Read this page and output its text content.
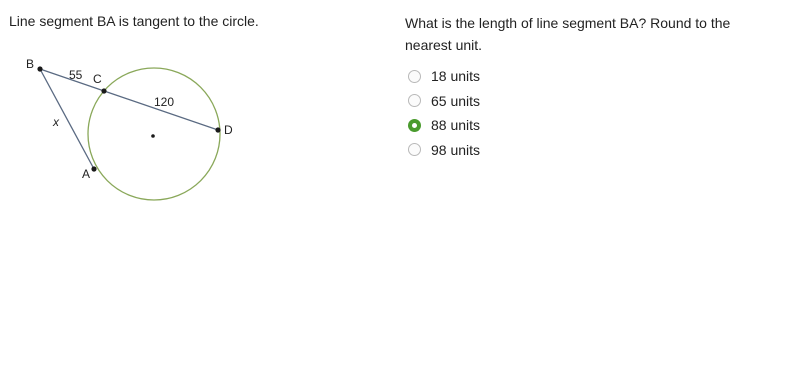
Line segment BA is tangent to the circle.
B
C
D
A
55
120
x
What is the length of line segment BA? Round to the nearest unit.
18 units
65 units
88 units
98 units
